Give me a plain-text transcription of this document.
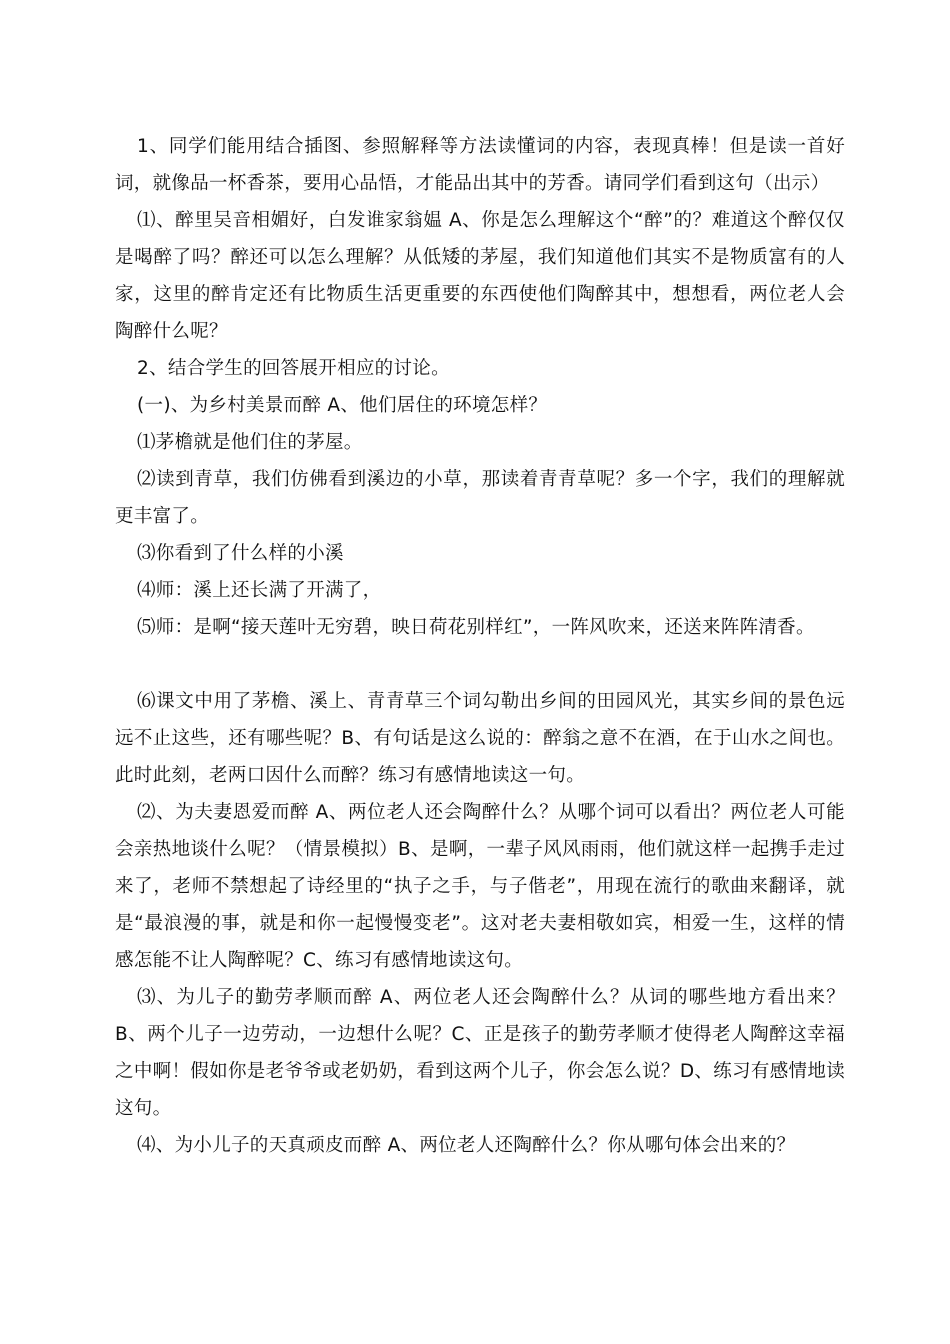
1、同学们能用结合插图、参照解释等方法读懂词的内容，表现真棒！但是读一首好词，就像品一杯香茶，要用心品悟，才能品出其中的芳香。请同学们看到这句（出示）

⑴、醉里吴音相媚好，白发谁家翁媪 A、你是怎么理解这个“醉”的？难道这个醉仅仅是喝醉了吗？醉还可以怎么理解？从低矮的茅屋，我们知道他们其实不是物质富有的人家，这里的醉肯定还有比物质生活更重要的东西使他们陶醉其中，想想看，两位老人会陶醉什么呢？

2、结合学生的回答展开相应的讨论。

(一)、为乡村美景而醉 A、他们居住的环境怎样？

⑴茅檐就是他们住的茅屋。

⑵读到青草，我们仿佛看到溪边的小草，那读着青青草呢？多一个字，我们的理解就更丰富了。

⑶你看到了什么样的小溪

⑷师：溪上还长满了开满了，

⑸师：是啊“接天莲叶无穷碧，映日荷花别样红”，一阵风吹来，还送来阵阵清香。

⑹课文中用了茅檐、溪上、青青草三个词勾勒出乡间的田园风光，其实乡间的景色远远不止这些，还有哪些呢？B、有句话是这么说的：醉翁之意不在酒，在于山水之间也。此时此刻，老两口因什么而醉？练习有感情地读这一句。

⑵、为夫妻恩爱而醉 A、两位老人还会陶醉什么？从哪个词可以看出？两位老人可能会亲热地谈什么呢？（情景模拟）B、是啊，一辈子风风雨雨，他们就这样一起携手走过来了，老师不禁想起了诗经里的“执子之手，与子偕老”，用现在流行的歌曲来翻译，就是“最浪漫的事，就是和你一起慢慢变老”。这对老夫妻相敬如宾，相爱一生，这样的情感怎能不让人陶醉呢？C、练习有感情地读这句。

⑶、为儿子的勤劳孝顺而醉 A、两位老人还会陶醉什么？从词的哪些地方看出来？B、两个儿子一边劳动，一边想什么呢？C、正是孩子的勤劳孝顺才使得老人陶醉这幸福之中啊！假如你是老爷爷或老奶奶，看到这两个儿子，你会怎么说？D、练习有感情地读这句。

⑷、为小儿子的天真顽皮而醉 A、两位老人还陶醉什么？你从哪句体会出来的？
